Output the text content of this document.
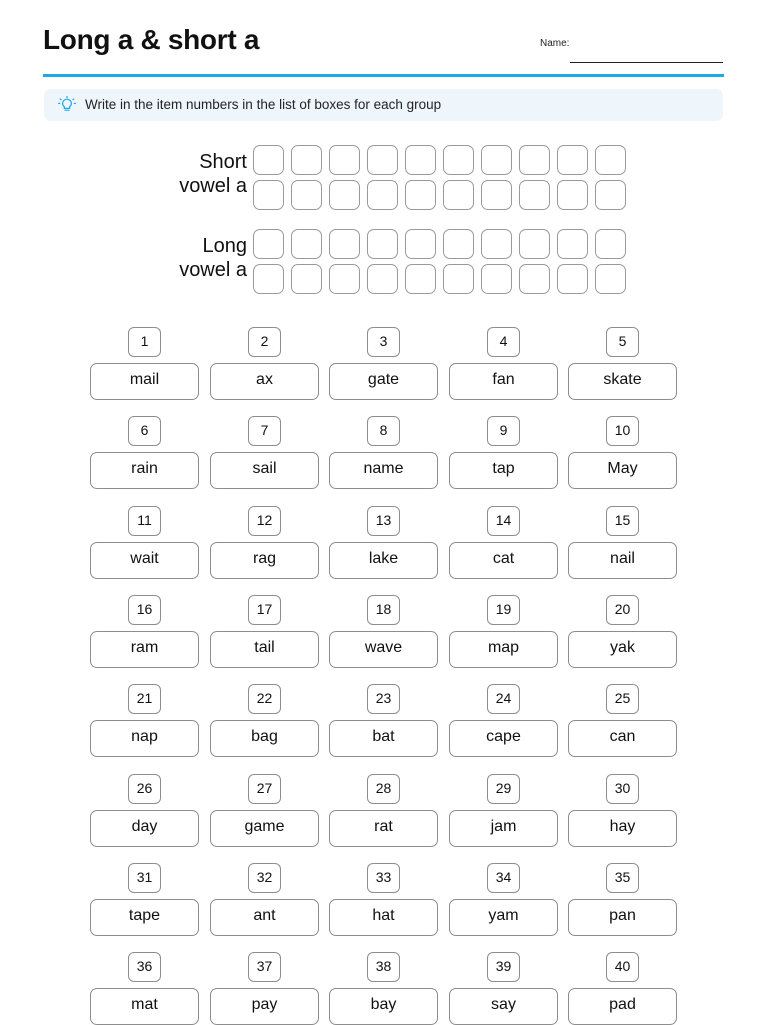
Long a & short a	Name:
Write in the item numbers in the list of boxes for each group
Short
vowel a
Long
vowel a
1
mail
2
ax
3
gate
4
fan
5
skate
6
rain
7
sail
8
name
9
tap
10
May
11
wait
12
rag
13
lake
14
cat
15
nail
16
ram
17
tail
18
wave
19
map
20
yak
21
nap
22
bag
23
bat
24
cape
25
can
26
day
27
game
28
rat
29
jam
30
hay
31
tape
32
ant
33
hat
34
yam
35
pan
36
mat
37
pay
38
bay
39
say
40
pad
